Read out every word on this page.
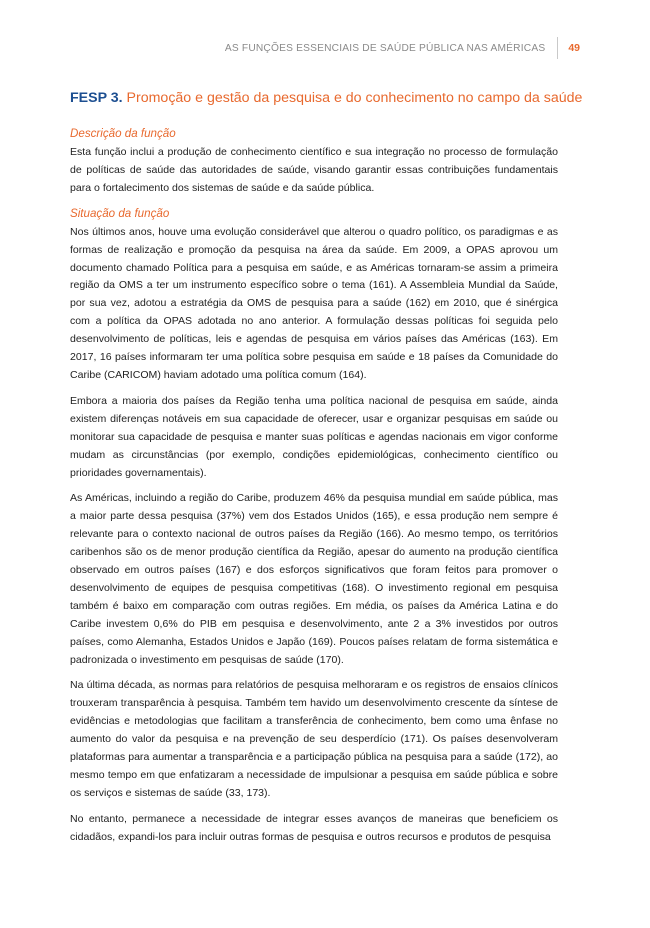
AS FUNÇÕES ESSENCIAIS DE SAÚDE PÚBLICA NAS AMÉRICAS 49
FESP 3. Promoção e gestão da pesquisa e do conhecimento no campo da saúde
Descrição da função

Esta função inclui a produção de conhecimento científico e sua integração no processo de formulação de políticas de saúde das autoridades de saúde, visando garantir essas contribuições fundamentais para o fortalecimento dos sistemas de saúde e da saúde pública.

Situação da função

Nos últimos anos, houve uma evolução considerável que alterou o quadro político, os paradigmas e as formas de realização e promoção da pesquisa na área da saúde. Em 2009, a OPAS aprovou um documento chamado Política para a pesquisa em saúde, e as Américas tornaram-se assim a primeira região da OMS a ter um instrumento específico sobre o tema (161). A Assembleia Mundial da Saúde, por sua vez, adotou a estratégia da OMS de pesquisa para a saúde (162) em 2010, que é sinérgica com a política da OPAS adotada no ano anterior. A formulação dessas políticas foi seguida pelo desenvolvimento de políticas, leis e agendas de pesquisa em vários países das Américas (163). Em 2017, 16 países informaram ter uma política sobre pesquisa em saúde e 18 países da Comunidade do Caribe (CARICOM) haviam adotado uma política comum (164).

Embora a maioria dos países da Região tenha uma política nacional de pesquisa em saúde, ainda existem diferenças notáveis em sua capacidade de oferecer, usar e organizar pesquisas em saúde ou monitorar sua capacidade de pesquisa e manter suas políticas e agendas nacionais em vigor conforme mudam as circunstâncias (por exemplo, condições epidemiológicas, conhecimento científico ou prioridades governamentais).

As Américas, incluindo a região do Caribe, produzem 46% da pesquisa mundial em saúde pública, mas a maior parte dessa pesquisa (37%) vem dos Estados Unidos (165), e essa produção nem sempre é relevante para o contexto nacional de outros países da Região (166). Ao mesmo tempo, os territórios caribenhos são os de menor produção científica da Região, apesar do aumento na produção científica observado em outros países (167) e dos esforços significativos que foram feitos para promover o desenvolvimento de equipes de pesquisa competitivas (168). O investimento regional em pesquisa também é baixo em comparação com outras regiões. Em média, os países da América Latina e do Caribe investem 0,6% do PIB em pesquisa e desenvolvimento, ante 2 a 3% investidos por outros países, como Alemanha, Estados Unidos e Japão (169). Poucos países relatam de forma sistemática e padronizada o investimento em pesquisas de saúde (170).

Na última década, as normas para relatórios de pesquisa melhoraram e os registros de ensaios clínicos trouxeram transparência à pesquisa. Também tem havido um desenvolvimento crescente da síntese de evidências e metodologias que facilitam a transferência de conhecimento, bem como uma ênfase no aumento do valor da pesquisa e na prevenção de seu desperdício (171). Os países desenvolveram plataformas para aumentar a transparência e a participação pública na pesquisa para a saúde (172), ao mesmo tempo em que enfatizaram a necessidade de impulsionar a pesquisa em saúde pública e sobre os serviços e sistemas de saúde (33, 173).

No entanto, permanece a necessidade de integrar esses avanços de maneiras que beneficiem os cidadãos, expandi-los para incluir outras formas de pesquisa e outros recursos e produtos de pesquisa
